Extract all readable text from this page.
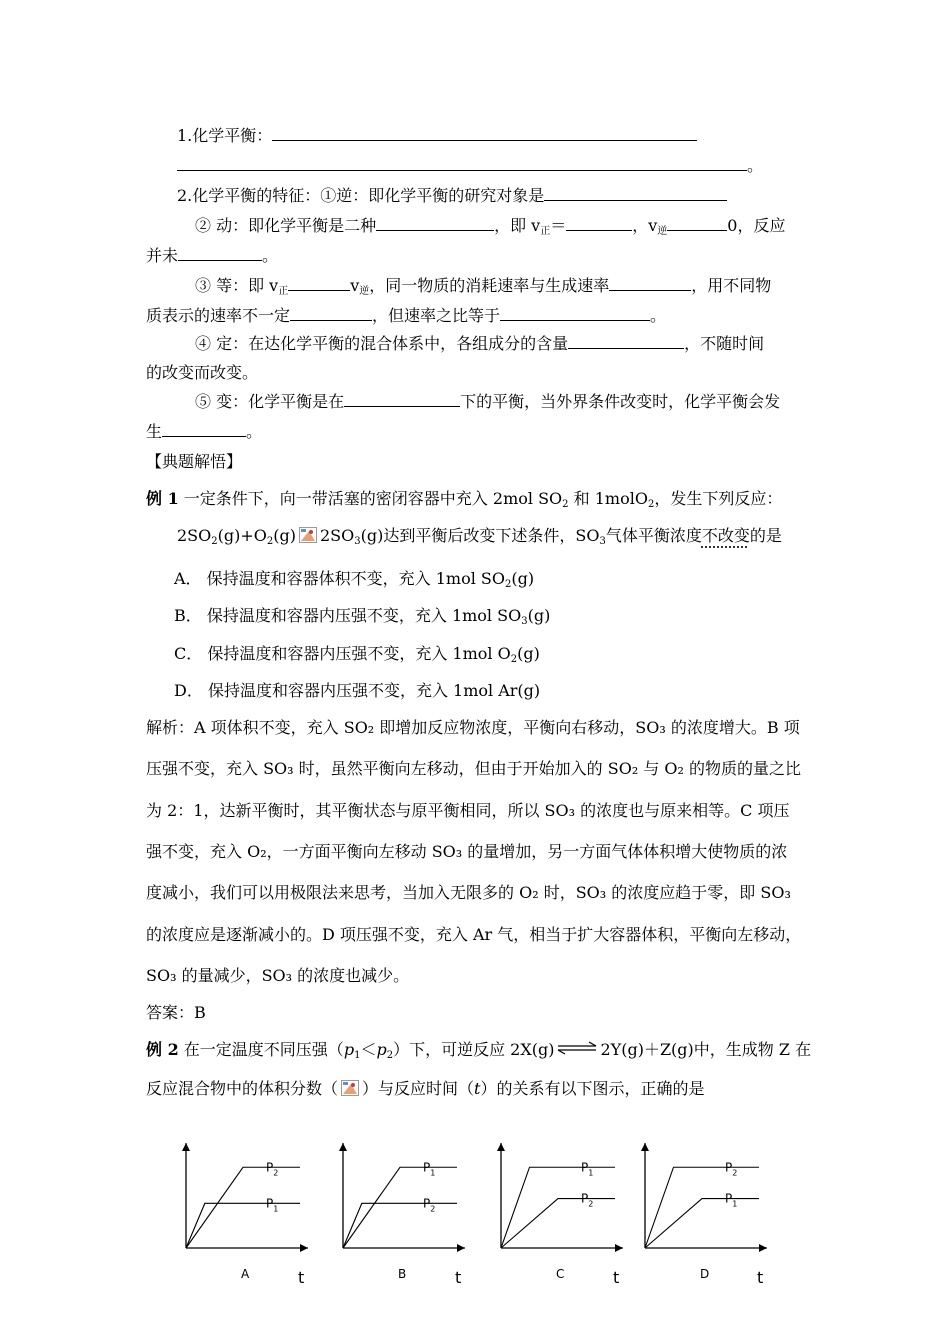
1.化学平衡：
。
2.化学平衡的特征：①逆：即化学平衡的研究对象是
② 动：即化学平衡是二种	，即 $v_正=$	，$v_逆$	0，反应
并未	。
③ 等：即 $v_正$	$v_逆$，同一物质的消耗速率与生成速率	，用不同物
质表示的速率不一定	，但速率之比等于	。
④ 定：在达化学平衡的混合体系中，各组成分的含量	，不随时间
的改变而改变。
⑤ 变：化学平衡是在	下的平衡，当外界条件改变时，化学平衡会发
生	。
【典题解悟】
例 1 一定条件下，向一带活塞的密闭容器中充入 2mol $SO_2$ 和 1molO$_2$，发生下列反应：
$2SO_2(g)+O_2(g)$ $2SO_3(g)$达到平衡后改变下述条件，$SO_3$气体平衡浓度不改变的是
A． 保持温度和容器体积不变，充入 1mol $SO_2(g)$
B． 保持温度和容器内压强不变，充入 1mol $SO_3(g)$
C． 保持温度和容器内压强不变，充入 1mol $O_2(g)$
D． 保持温度和容器内压强不变，充入 1mol Ar(g)
解析：A 项体积不变，充入 SO₂ 即增加反应物浓度，平衡向右移动，SO₃ 的浓度增大。B 项
压强不变，充入 SO₃ 时，虽然平衡向左移动，但由于开始加入的 SO₂ 与 O₂ 的物质的量之比
为 2：1，达新平衡时，其平衡状态与原平衡相同，所以 SO₃ 的浓度也与原来相等。C 项压
强不变，充入 O₂，一方面平衡向左移动 SO₃ 的量增加，另一方面气体体积增大使物质的浓
度减小，我们可以用极限法来思考，当加入无限多的 O₂ 时，SO₃ 的浓度应趋于零，即 SO₃
的浓度应是逐渐减小的。D 项压强不变，充入 Ar 气，相当于扩大容器体积，平衡向左移动，
SO₃ 的量减少，SO₃ 的浓度也减少。
答案：B
例 2 在一定温度不同压强$(p_1<p_2)$下，可逆反应 2X(g) ⇌ 2Y(g)＋Z(g)中，生成物 Z 在
反应混合物中的体积分数（ ）与反应时间（t）的关系有以下图示，正确的是
$P_2$
$P_1$
A	t
$P_1$
$P_2$
B	t
$P_1$
$P_2$
C	t
$P_2$
$P_1$
D	t
